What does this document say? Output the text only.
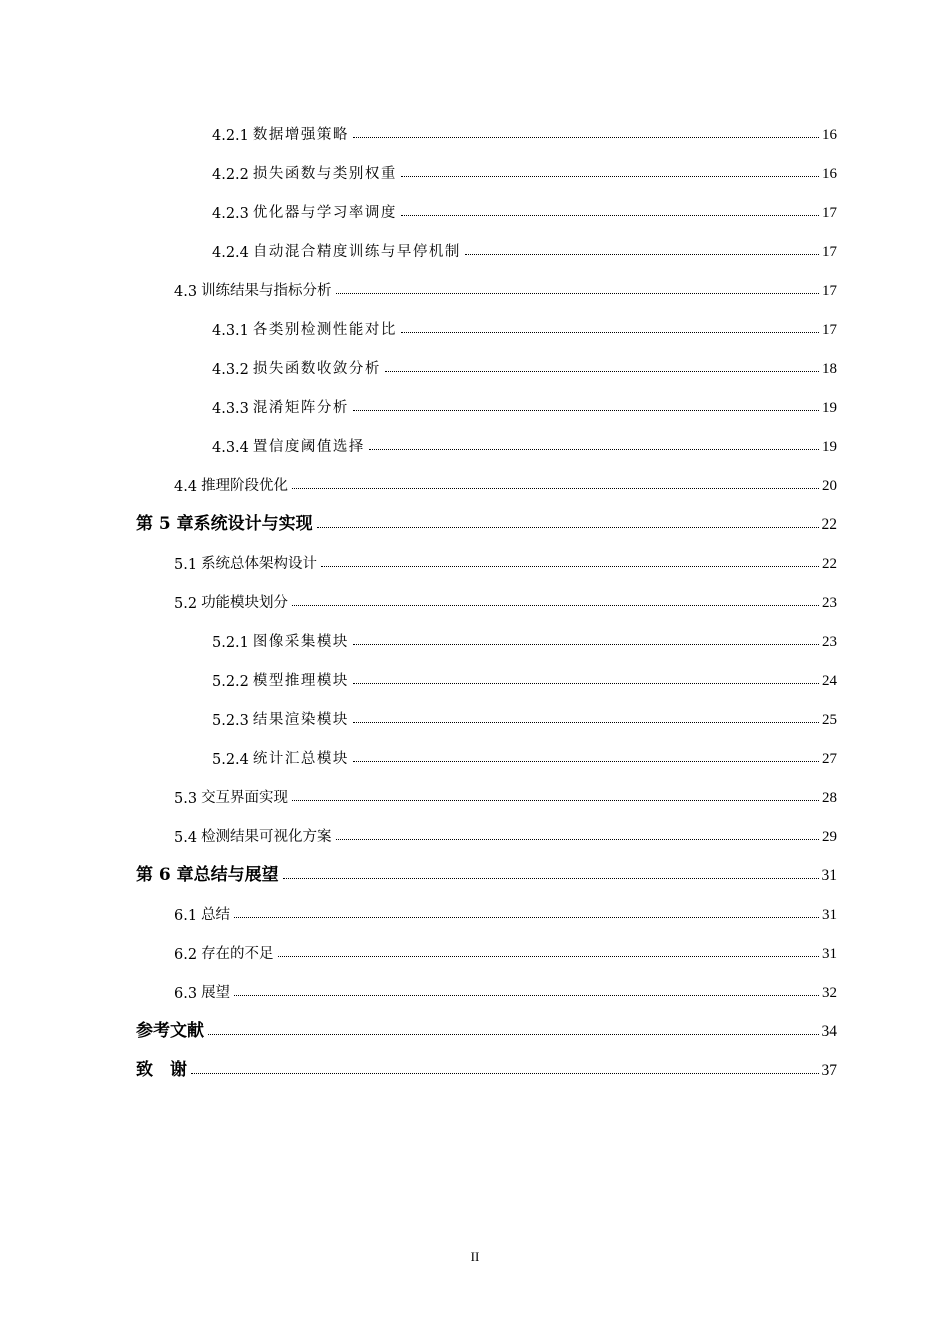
4.2.1 数据增强策略	16
4.2.2 损失函数与类别权重	16
4.2.3 优化器与学习率调度	17
4.2.4 自动混合精度训练与早停机制	17
4.3 训练结果与指标分析	17
4.3.1 各类别检测性能对比	17
4.3.2 损失函数收敛分析	18
4.3.3 混淆矩阵分析	19
4.3.4 置信度阈值选择	19
4.4 推理阶段优化	20
第 5 章系统设计与实现	22
5.1 系统总体架构设计	22
5.2 功能模块划分	23
5.2.1 图像采集模块	23
5.2.2 模型推理模块	24
5.2.3 结果渲染模块	25
5.2.4 统计汇总模块	27
5.3 交互界面实现	28
5.4 检测结果可视化方案	29
第 6 章总结与展望	31
6.1 总结	31
6.2 存在的不足	31
6.3 展望	32
参考文献	34
致　谢	37
II
